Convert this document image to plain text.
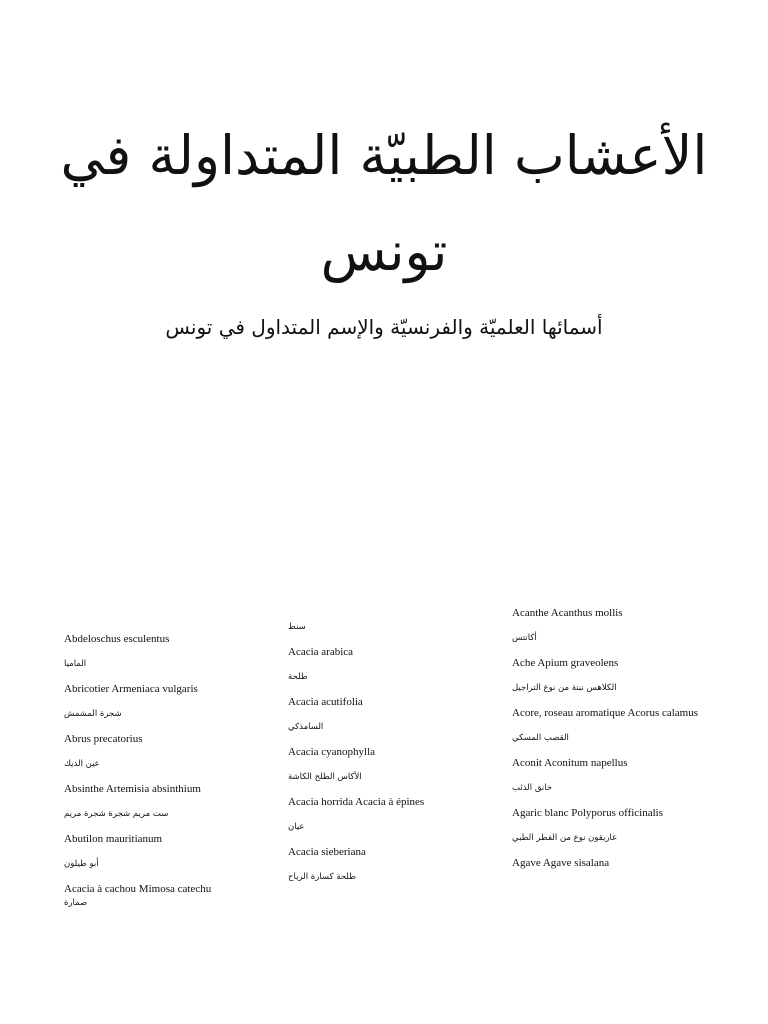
الأعشاب الطبيّة المتداولة في
تونس
أسمائها العلميّة والفرنسيّة والإسم المتداول في تونس
Abdeloschus esculentus
الماميا
Abricotier Armeniaca vulgaris
شجرة المشمش
Abrus precatorius
عين الديك
Absinthe Artemisia absinthium
ست مريم شجرة شجرة مريم
Abutilon mauritianum
أبو طيلون
Acacia à cachou Mimosa catechu
صمارة
سنط
Acacia arabica
طلحة
Acacia acutifolia
السامذكي
Acacia cyanophylla
الأكاس الطلح الكاشة
Acacia horrida Acacia à épines
عيان
Acacia sieberiana
طلحة كسارة الرياح
Acanthe Acanthus mollis
أكانتس
Ache Apium graveolens
الكلاهس نبتة من نوع التراجيل
Acore, roseau aromatique Acorus calamus
القصب المسكي
Aconit Aconitum napellus
خانق الذئب
Agaric blanc Polyporus officinalis
غاريقون نوع من الفطر الطبي
Agave Agave sisalana
